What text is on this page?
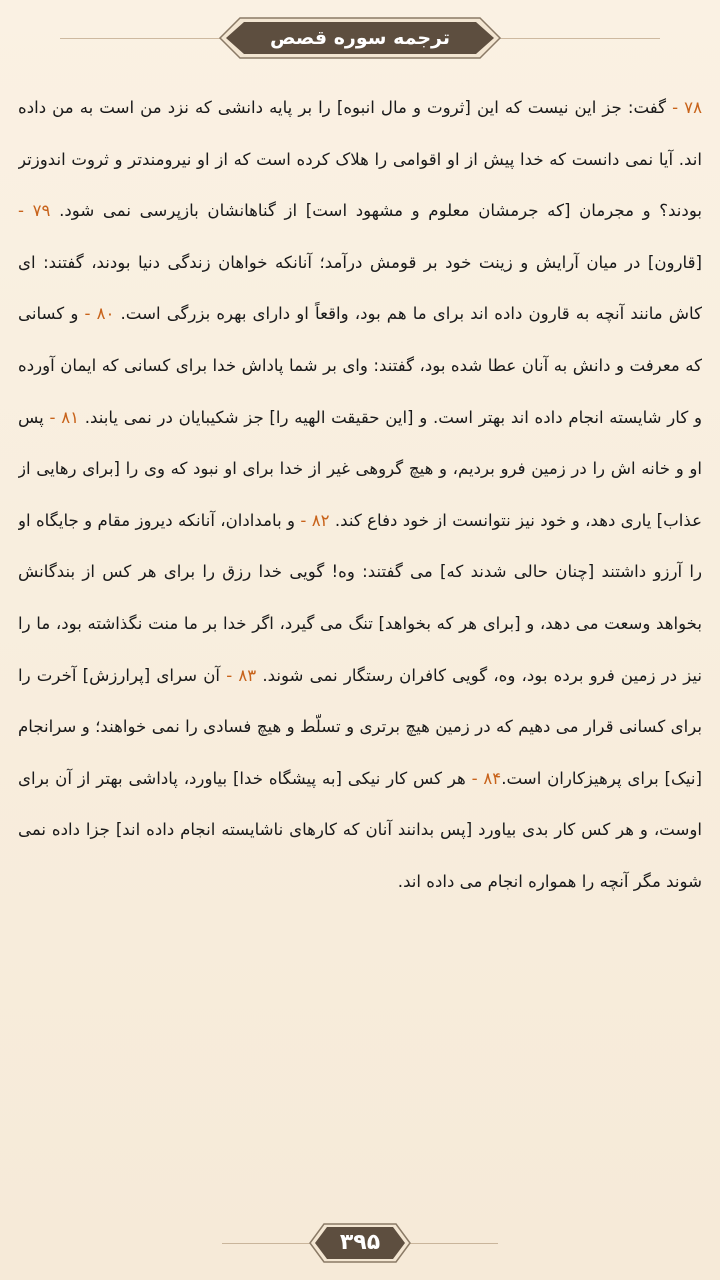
ترجمه سوره قصص
۷۸ - گفت: جز این نیست که این [ثروت و مال انبوه] را بر پایه دانشی که نزد من است به من داده اند. آیا نمی دانست که خدا پیش از او اقوامی را هلاک کرده است که از او نیرومندتر و ثروت اندوزتر بودند؟ و مجرمان [که جرمشان معلوم و مشهود است] از گناهانشان بازپرسی نمی شود. ۷۹ - [قارون] در میان آرایش و زینت خود بر قومش درآمد؛ آنانکه خواهان زندگی دنیا بودند، گفتند: ای کاش مانند آنچه به قارون داده اند برای ما هم بود، واقعاً او دارای بهره بزرگی است. ۸۰ - و کسانی که معرفت و دانش به آنان عطا شده بود، گفتند: وای بر شما پاداش خدا برای کسانی که ایمان آورده و کار شایسته انجام داده اند بهتر است. و [این حقیقت الهیه را] جز شکیبایان در نمی یابند. ۸۱ - پس او و خانه اش را در زمین فرو بردیم، و هیچ گروهی غیر از خدا برای او نبود که وی را [برای رهایی از عذاب] یاری دهد، و خود نیز نتوانست از خود دفاع کند. ۸۲ - و بامدادان، آنانکه دیروز مقام و جایگاه او را آرزو داشتند [چنان حالی شدند که] می گفتند: وه! گویی خدا رزق را برای هر کس از بندگانش بخواهد وسعت می دهد، و [برای هر که بخواهد] تنگ می گیرد، اگر خدا بر ما منت نگذاشته بود، ما را نیز در زمین فرو برده بود، وه، گویی کافران رستگار نمی شوند. ۸۳ - آن سرای [پرارزش] آخرت را برای کسانی قرار می دهیم که در زمین هیچ برتری و تسلّط و هیچ فسادی را نمی خواهند؛ و سرانجام [نیک] برای پرهیزکاران است.۸۴ - هر کس کار نیکی [به پیشگاه خدا] بیاورد، پاداشی بهتر از آن برای اوست، و هر کس کار بدی بیاورد [پس بدانند آنان که کارهای ناشایسته انجام داده اند] جزا داده نمی شوند مگر آنچه را همواره انجام می داده اند.
۳۹۵
